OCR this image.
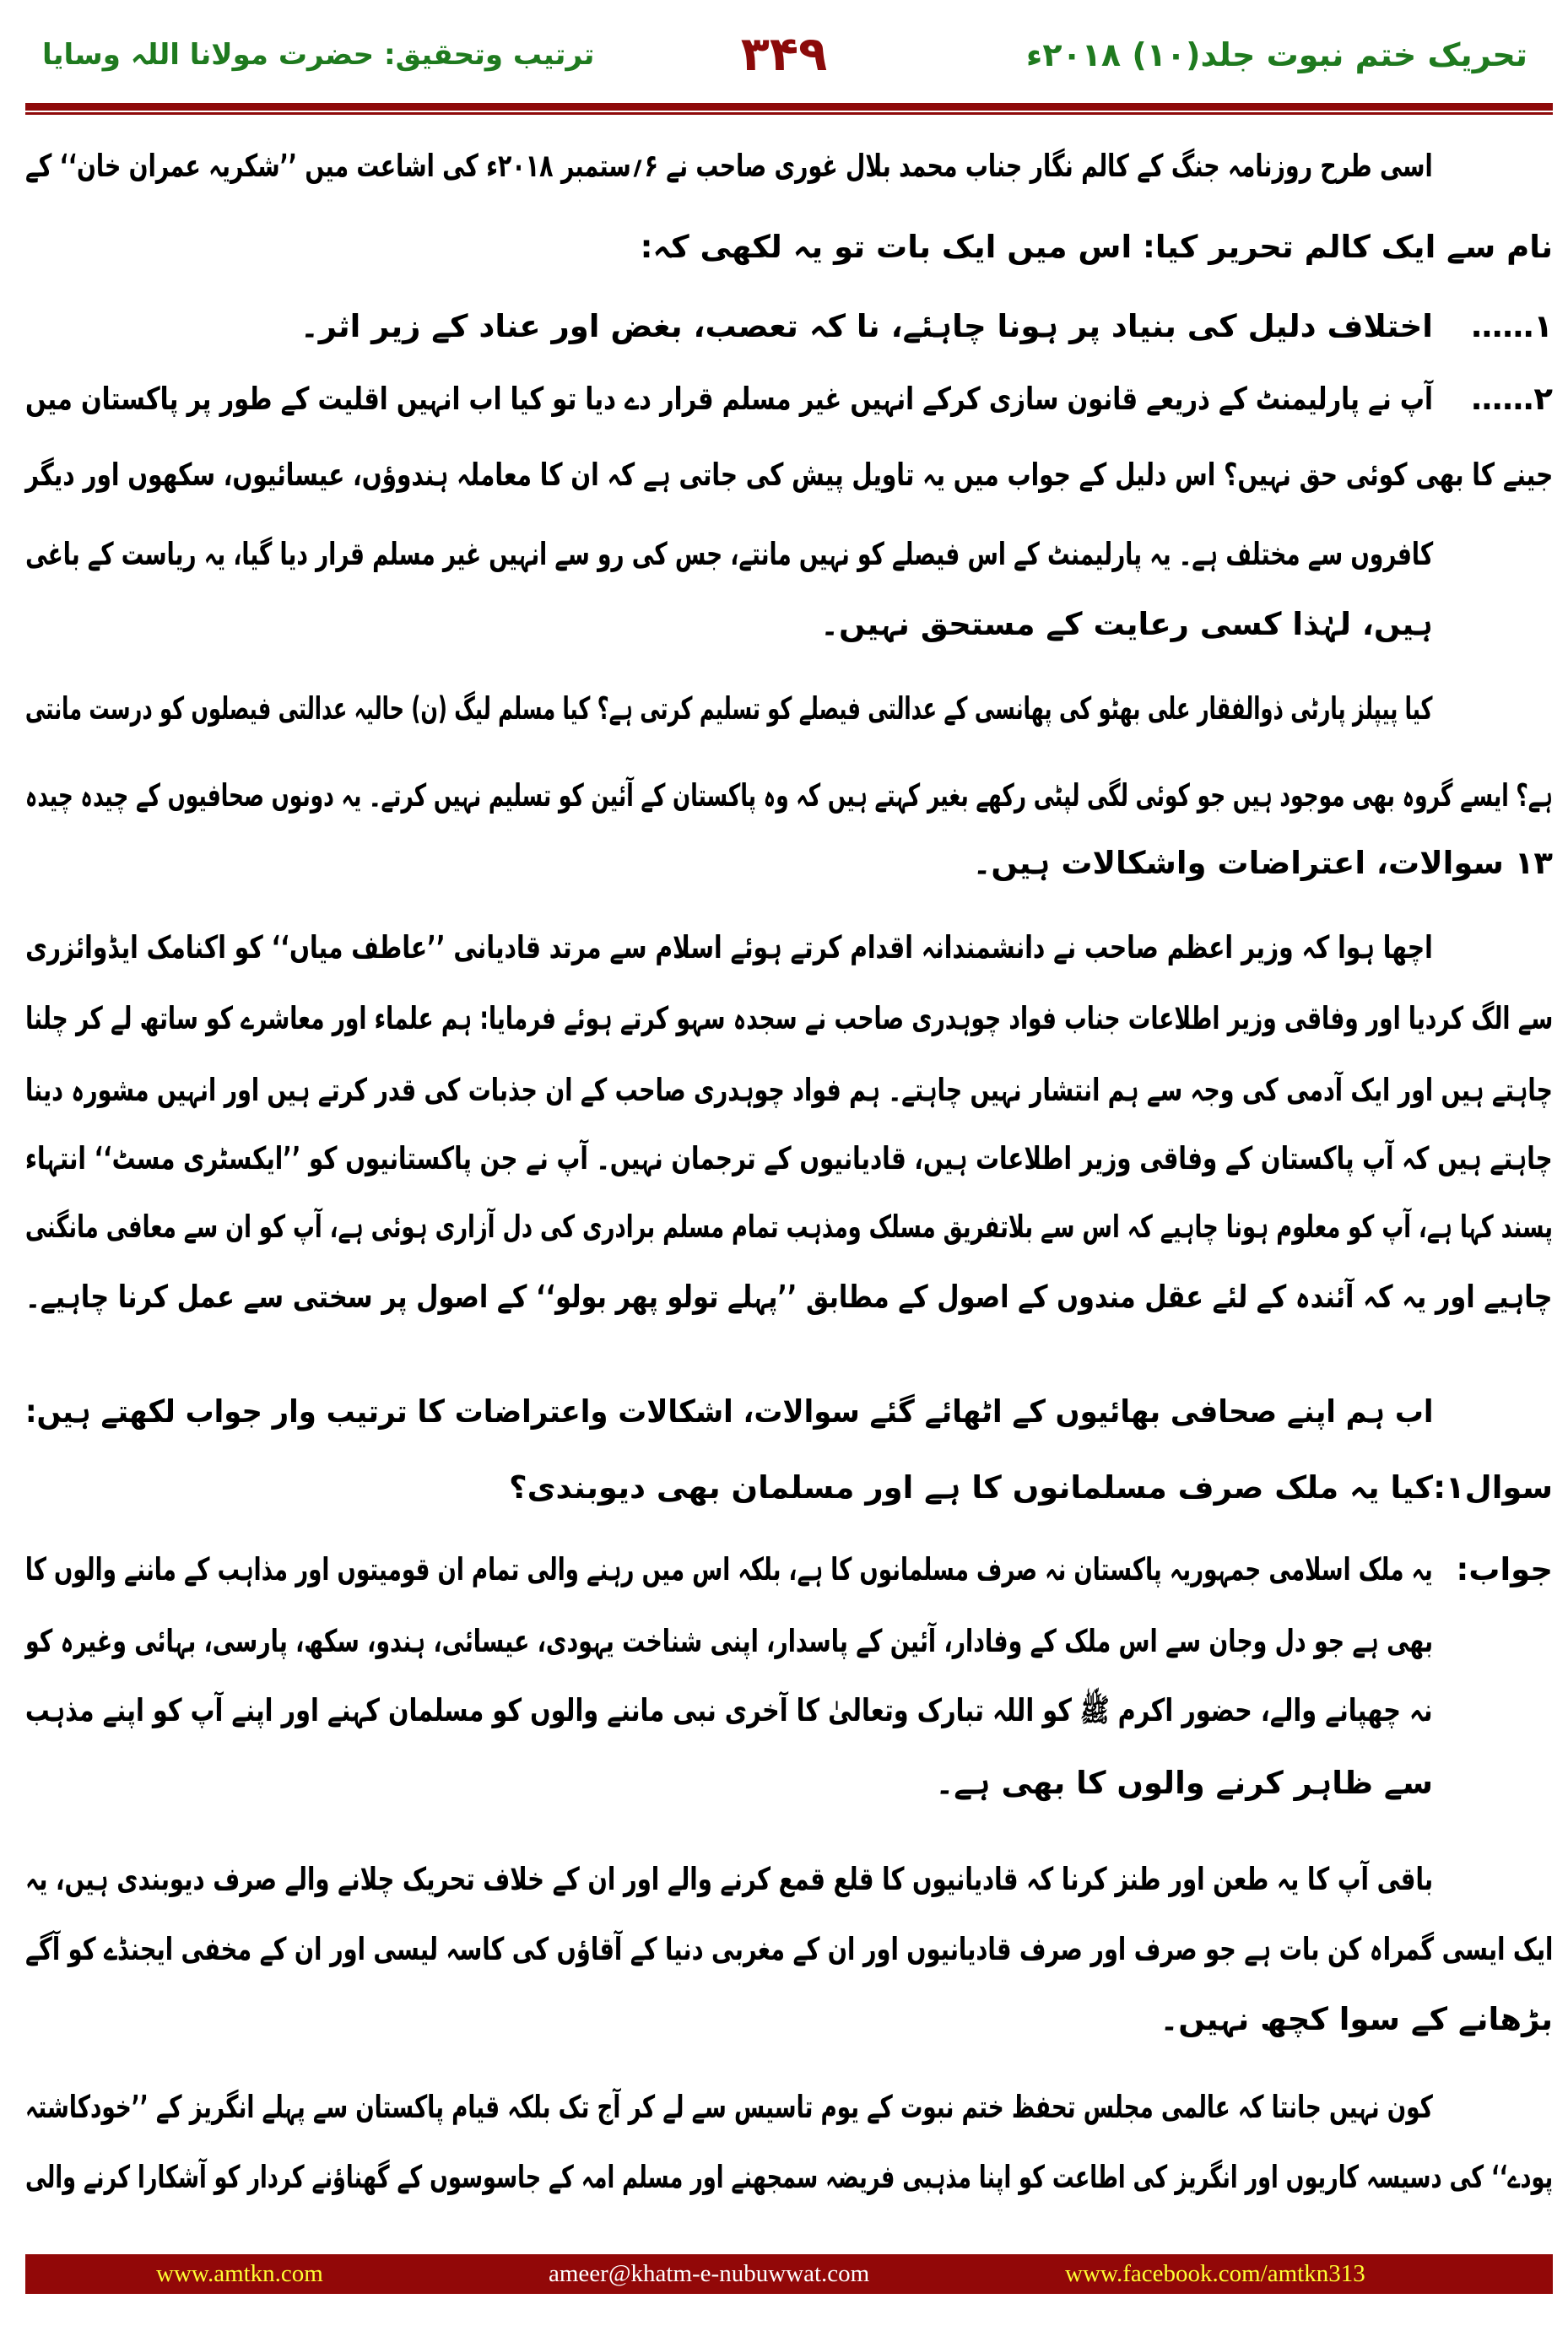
تحریک ختم نبوت جلد(۱۰) ۲۰۱۸ء
۳۴۹
ترتیب وتحقیق: حضرت مولانا اللہ وسایا
اسی طرح روزنامہ جنگ کے کالم نگار جناب محمد بلال غوری صاحب نے ۶؍ستمبر ۲۰۱۸ء کی اشاعت میں ’’شکریہ عمران خان‘‘ کے
نام سے ایک کالم تحریر کیا: اس میں ایک بات تو یہ لکھی کہ:
۱……
اختلاف دلیل کی بنیاد پر ہونا چاہئے، نا کہ تعصب، بغض اور عناد کے زیر اثر۔
۲……
آپ نے پارلیمنٹ کے ذریعے قانون سازی کرکے انہیں غیر مسلم قرار دے دیا تو کیا اب انہیں اقلیت کے طور پر پاکستان میں
جینے کا بھی کوئی حق نہیں؟ اس دلیل کے جواب میں یہ تاویل پیش کی جاتی ہے کہ ان کا معاملہ ہندوؤں، عیسائیوں، سکھوں اور دیگر
کافروں سے مختلف ہے۔ یہ پارلیمنٹ کے اس فیصلے کو نہیں مانتے، جس کی رو سے انہیں غیر مسلم قرار دیا گیا، یہ ریاست کے باغی
ہیں، لہٰذا کسی رعایت کے مستحق نہیں۔
کیا پیپلز پارٹی ذوالفقار علی بھٹو کی پھانسی کے عدالتی فیصلے کو تسلیم کرتی ہے؟ کیا مسلم لیگ (ن) حالیہ عدالتی فیصلوں کو درست مانتی
ہے؟ ایسے گروہ بھی موجود ہیں جو کوئی لگی لپٹی رکھے بغیر کہتے ہیں کہ وہ پاکستان کے آئین کو تسلیم نہیں کرتے۔ یہ دونوں صحافیوں کے چیدہ چیدہ
۱۳ سوالات، اعتراضات واشکالات ہیں۔
اچھا ہوا کہ وزیر اعظم صاحب نے دانشمندانہ اقدام کرتے ہوئے اسلام سے مرتد قادیانی ’’عاطف میاں‘‘ کو اکنامک ایڈوائزری
سے الگ کردیا اور وفاقی وزیر اطلاعات جناب فواد چوہدری صاحب نے سجدہ سہو کرتے ہوئے فرمایا: ہم علماء اور معاشرے کو ساتھ لے کر چلنا
چاہتے ہیں اور ایک آدمی کی وجہ سے ہم انتشار نہیں چاہتے۔ ہم فواد چوہدری صاحب کے ان جذبات کی قدر کرتے ہیں اور انہیں مشورہ دینا
چاہتے ہیں کہ آپ پاکستان کے وفاقی وزیر اطلاعات ہیں، قادیانیوں کے ترجمان نہیں۔ آپ نے جن پاکستانیوں کو ’’ایکسٹری مسٹ‘‘ انتہاء
پسند کہا ہے، آپ کو معلوم ہونا چاہیے کہ اس سے بلاتفریق مسلک ومذہب تمام مسلم برادری کی دل آزاری ہوئی ہے، آپ کو ان سے معافی مانگنی
چاہیے اور یہ کہ آئندہ کے لئے عقل مندوں کے اصول کے مطابق ’’پہلے تولو پھر بولو‘‘ کے اصول پر سختی سے عمل کرنا چاہیے۔
اب ہم اپنے صحافی بھائیوں کے اٹھائے گئے سوالات، اشکالات واعتراضات کا ترتیب وار جواب لکھتے ہیں:
سوال۱:
کیا یہ ملک صرف مسلمانوں کا ہے اور مسلمان بھی دیوبندی؟
جواب:
یہ ملک اسلامی جمہوریہ پاکستان نہ صرف مسلمانوں کا ہے، بلکہ اس میں رہنے والی تمام ان قومیتوں اور مذاہب کے ماننے والوں کا
بھی ہے جو دل وجان سے اس ملک کے وفادار، آئین کے پاسدار، اپنی شناخت یہودی، عیسائی، ہندو، سکھ، پارسی، بہائی وغیرہ کو
نہ چھپانے والے، حضور اکرم ﷺ کو اللہ تبارک وتعالیٰ کا آخری نبی ماننے والوں کو مسلمان کہنے اور اپنے آپ کو اپنے مذہب
سے ظاہر کرنے والوں کا بھی ہے۔
باقی آپ کا یہ طعن اور طنز کرنا کہ قادیانیوں کا قلع قمع کرنے والے اور ان کے خلاف تحریک چلانے والے صرف دیوبندی ہیں، یہ
ایک ایسی گمراہ کن بات ہے جو صرف اور صرف قادیانیوں اور ان کے مغربی دنیا کے آقاؤں کی کاسہ لیسی اور ان کے مخفی ایجنڈے کو آگے
بڑھانے کے سوا کچھ نہیں۔
کون نہیں جانتا کہ عالمی مجلس تحفظ ختم نبوت کے یوم تاسیس سے لے کر آج تک بلکہ قیام پاکستان سے پہلے انگریز کے ’’خودکاشتہ
پودے‘‘ کی دسیسہ کاریوں اور انگریز کی اطاعت کو اپنا مذہبی فریضہ سمجھنے اور مسلم امہ کے جاسوسوں کے گھناؤنے کردار کو آشکارا کرنے والی
www.amtkn.com	ameer@khatm-e-nubuwwat.com	www.facebook.com/amtkn313
